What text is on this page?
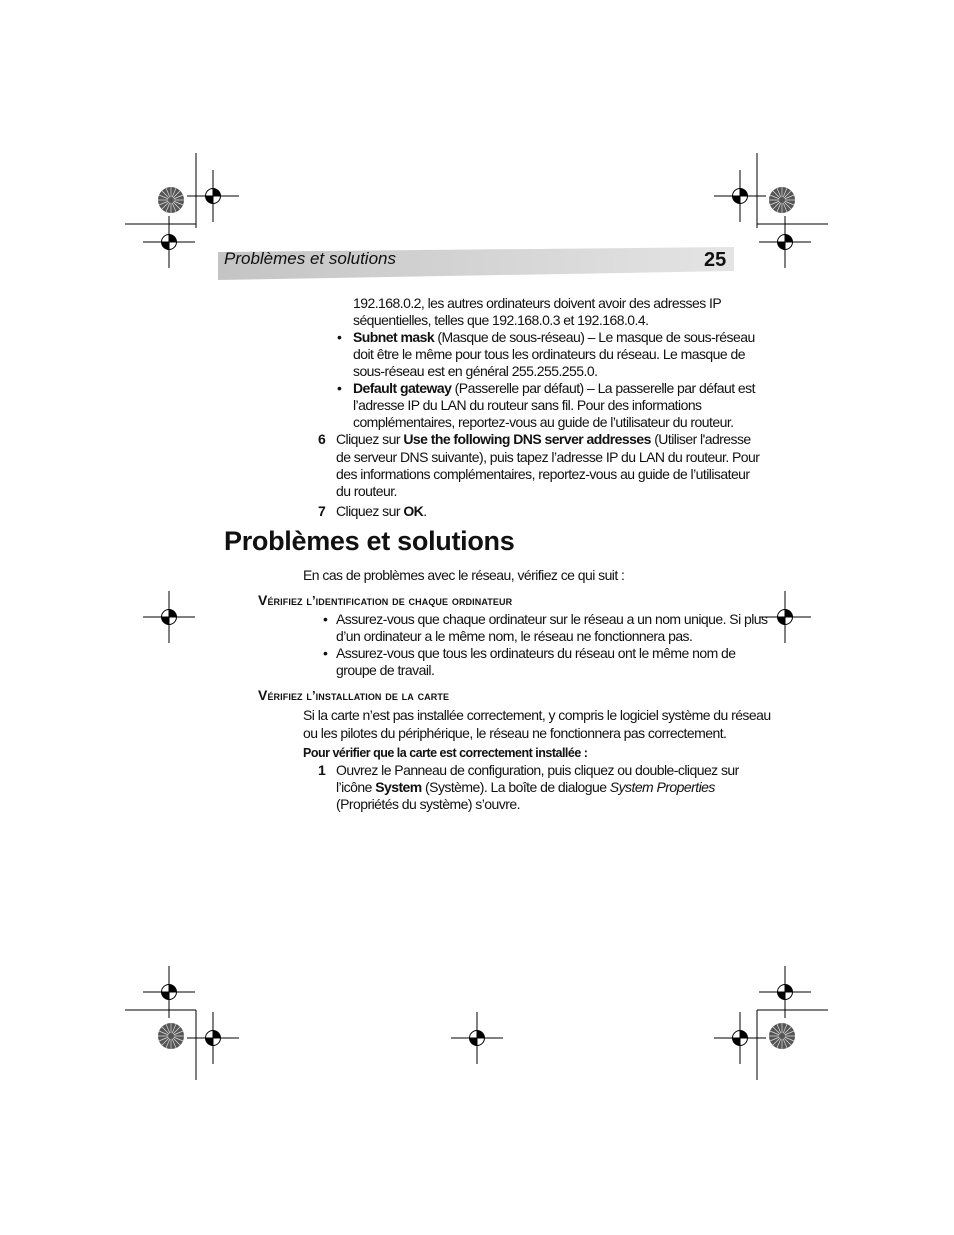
Problèmes et solutions	25

192.168.0.2, les autres ordinateurs doivent avoir des adresses IP

séquentielles, telles que 192.168.0.3 et 192.168.0.4.

• Subnet mask (Masque de sous-réseau) – Le masque de sous-réseau

doit être le même pour tous les ordinateurs du réseau. Le masque de

sous-réseau est en général 255.255.255.0.

• Default gateway (Passerelle par défaut) – La passerelle par défaut est

l’adresse IP du LAN du routeur sans fil. Pour des informations

complémentaires, reportez-vous au guide de l’utilisateur du routeur.

6 Cliquez sur Use the following DNS server addresses (Utiliser l'adresse

de serveur DNS suivante), puis tapez l’adresse IP du LAN du routeur. Pour

des informations complémentaires, reportez-vous au guide de l’utilisateur

du routeur.

7 Cliquez sur OK.

Problèmes et solutions

En cas de problèmes avec le réseau, vérifiez ce qui suit :

Vérifiez l’identification de chaque ordinateur
• Assurez-vous que chaque ordinateur sur le réseau a un nom unique. Si plus

d’un ordinateur a le même nom, le réseau ne fonctionnera pas.

• Assurez-vous que tous les ordinateurs du réseau ont le même nom de

groupe de travail.

Vérifiez l’installation de la carte

Si la carte n’est pas installée correctement, y compris le logiciel système du réseau

ou les pilotes du périphérique, le réseau ne fonctionnera pas correctement.

Pour vérifier que la carte est correctement installée :
1 Ouvrez le Panneau de configuration, puis cliquez ou double-cliquez sur

l’icône System (Système). La boîte de dialogue System Properties

(Propriétés du système) s’ouvre.
